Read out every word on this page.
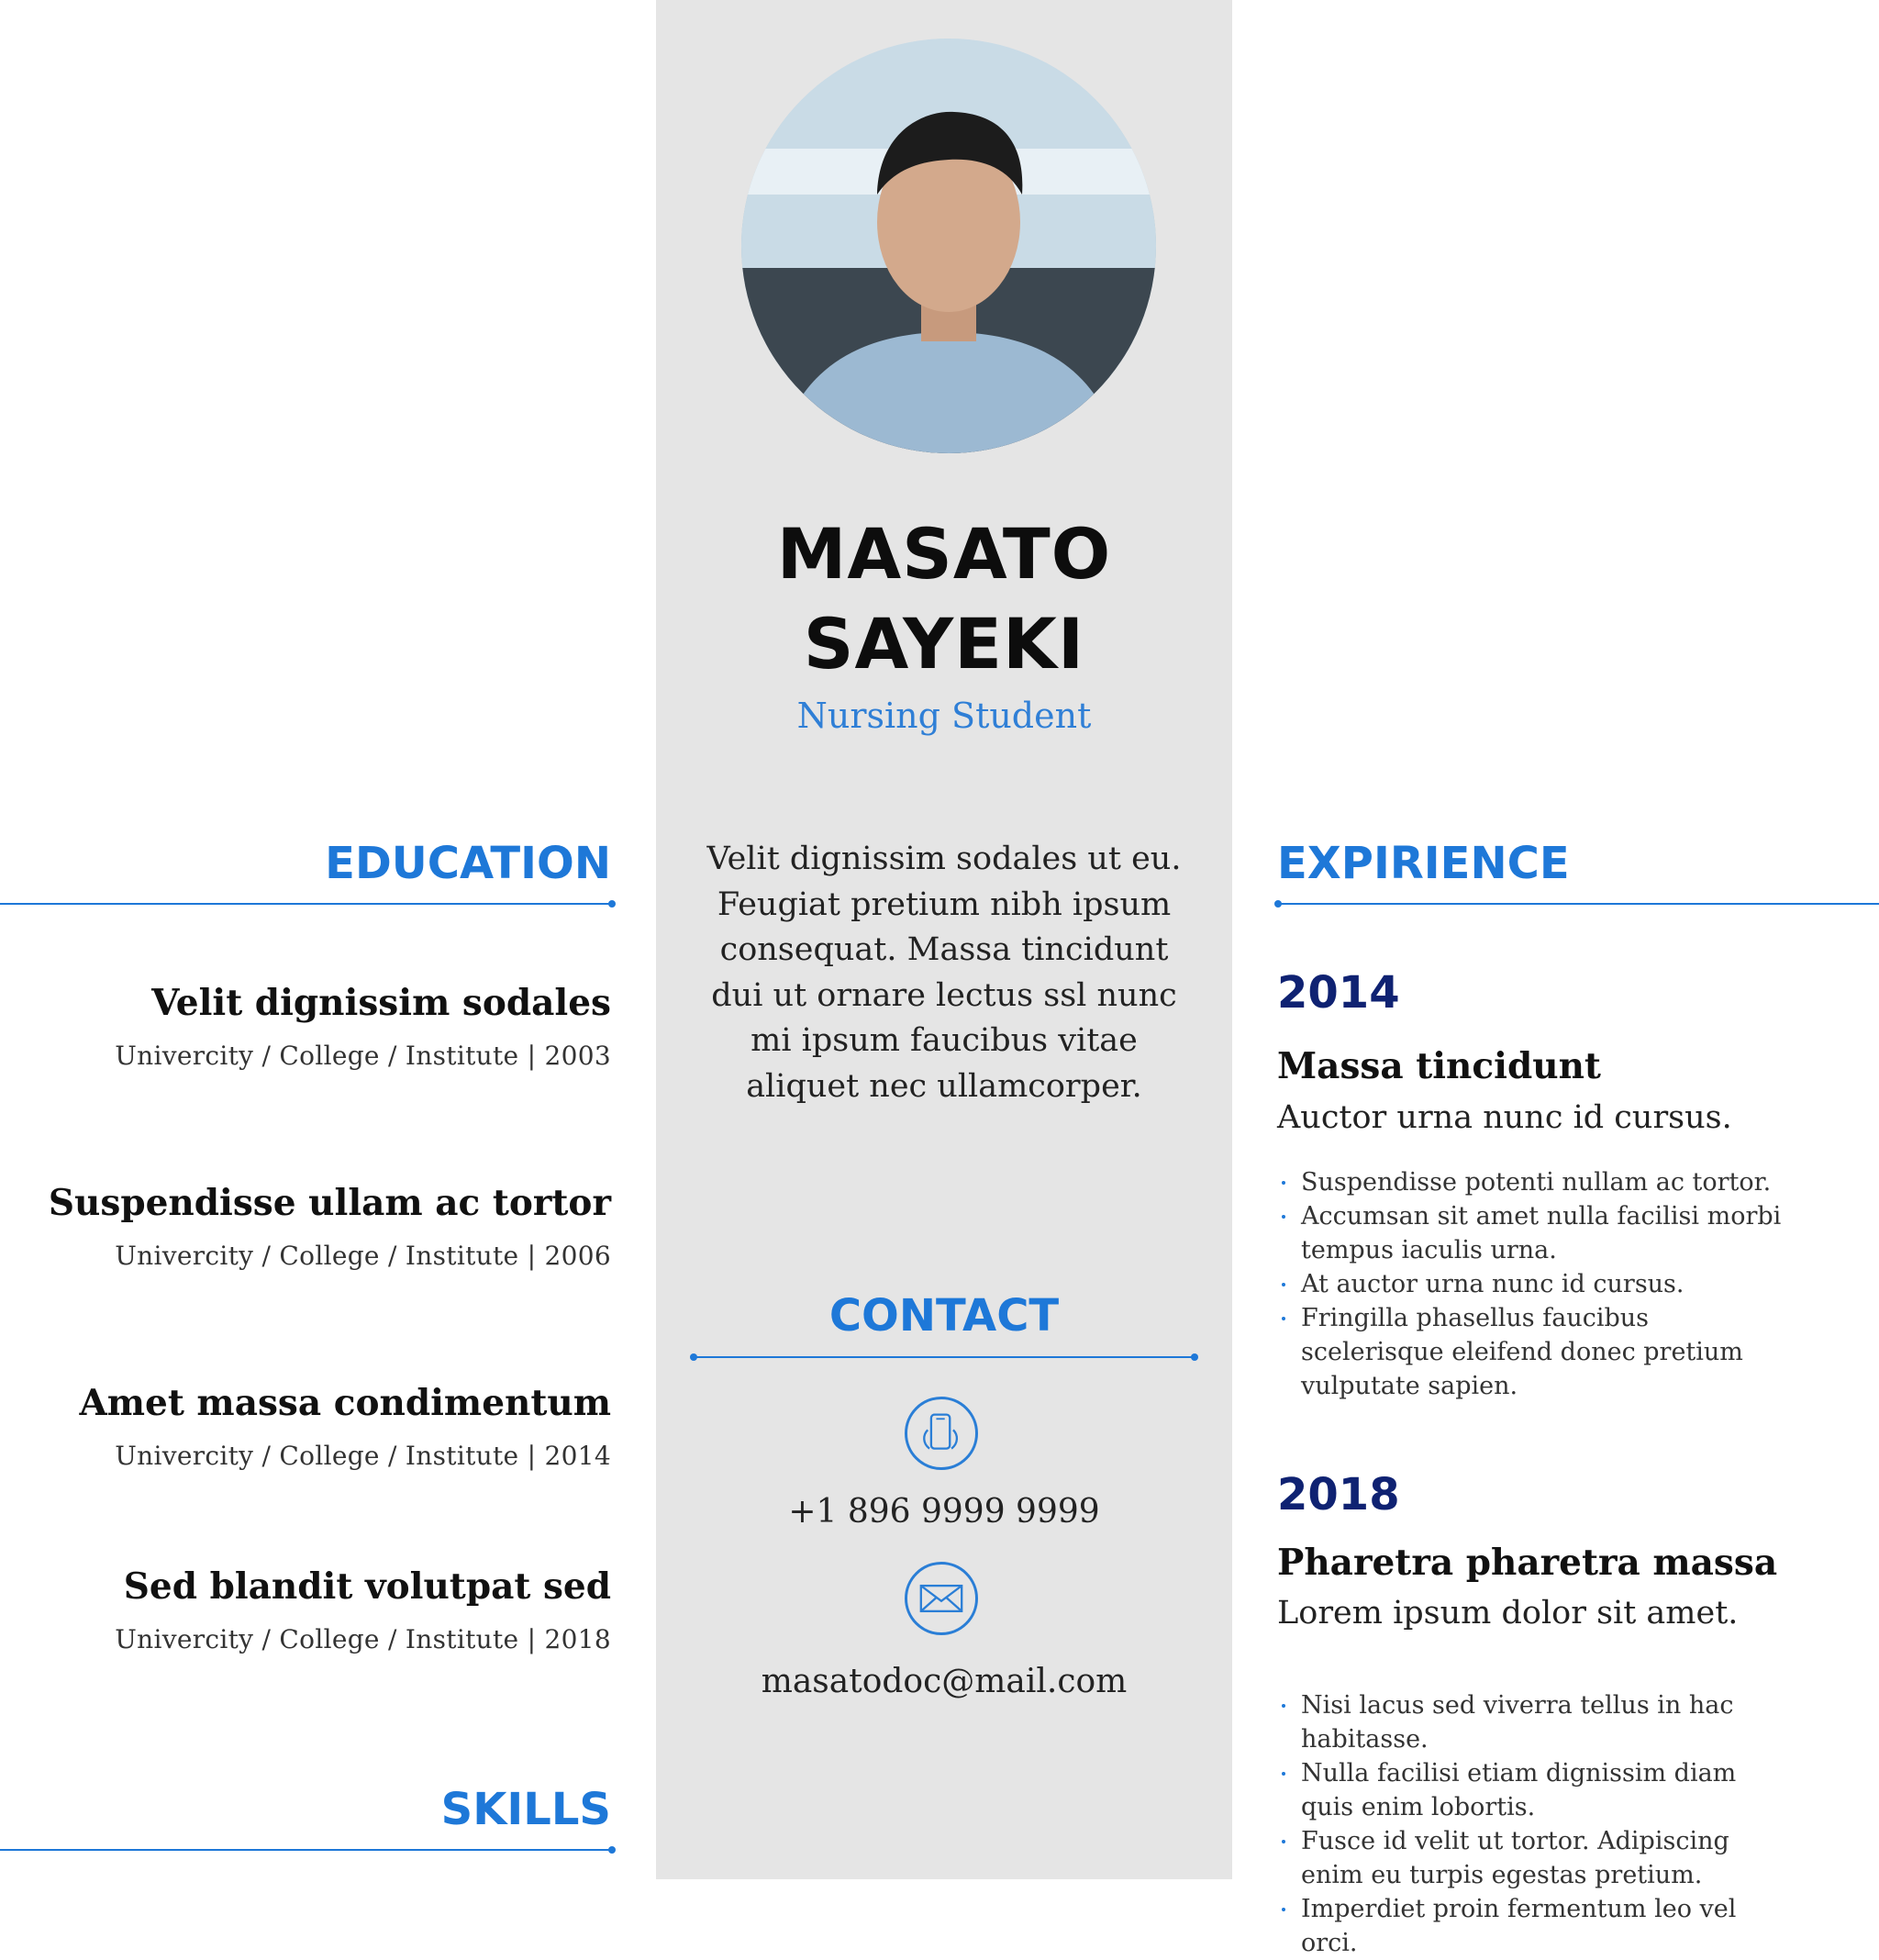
MASATO
SAYEKI
Nursing Student
Velit dignissim sodales ut eu. Feugiat pretium nibh ipsum consequat. Massa tincidunt dui ut ornare lectus ssl nunc mi ipsum faucibus vitae aliquet nec ullamcorper.
EDUCATION
Velit dignissim sodales
Univercity / College / Institute | 2003
Suspendisse ullam ac tortor
Univercity / College / Institute | 2006
Amet massa condimentum
Univercity / College / Institute | 2014
Sed blandit volutpat sed
Univercity / College / Institute | 2018
SKILLS
CONTACT
+1 896 9999 9999
masatodoc@mail.com
EXPIRIENCE
2014
Massa tincidunt
Auctor urna nunc id cursus.
Suspendisse potenti nullam ac tortor.
Accumsan sit amet nulla facilisi morbi tempus iaculis urna.
At auctor urna nunc id cursus.
Fringilla phasellus faucibus scelerisque eleifend donec pretium vulputate sapien.
2018
Pharetra pharetra massa
Lorem ipsum dolor sit amet.
Nisi lacus sed viverra tellus in hac habitasse.
Nulla facilisi etiam dignissim diam quis enim lobortis.
Fusce id velit ut tortor. Adipiscing enim eu turpis egestas pretium.
Imperdiet proin fermentum leo vel orci.
